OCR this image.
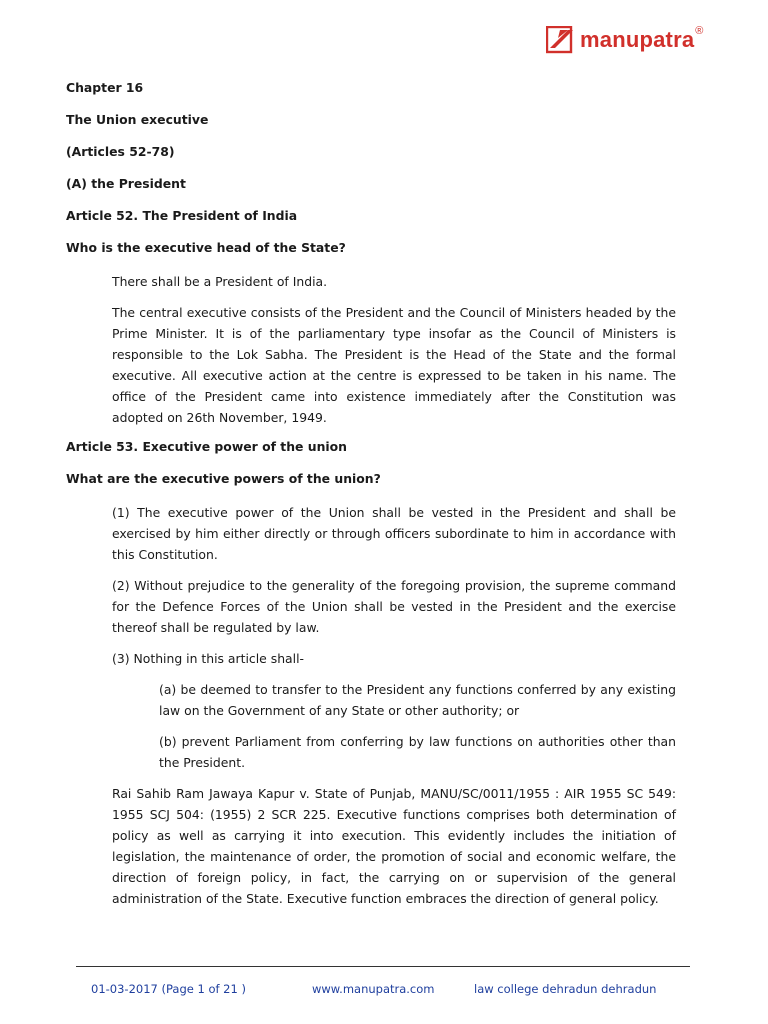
manupatra ®
Chapter 16
The Union executive
(Articles 52-78)
(A) the President
Article 52. The President of India
Who is the executive head of the State?
There shall be a President of India.
The central executive consists of the President and the Council of Ministers headed by the Prime Minister. It is of the parliamentary type insofar as the Council of Ministers is responsible to the Lok Sabha. The President is the Head of the State and the formal executive. All executive action at the centre is expressed to be taken in his name. The office of the President came into existence immediately after the Constitution was adopted on 26th November, 1949.
Article 53. Executive power of the union
What are the executive powers of the union?
(1) The executive power of the Union shall be vested in the President and shall be exercised by him either directly or through officers subordinate to him in accordance with this Constitution.
(2) Without prejudice to the generality of the foregoing provision, the supreme command for the Defence Forces of the Union shall be vested in the President and the exercise thereof shall be regulated by law.
(3) Nothing in this article shall-
(a) be deemed to transfer to the President any functions conferred by any existing law on the Government of any State or other authority; or
(b) prevent Parliament from conferring by law functions on authorities other than the President.
Rai Sahib Ram Jawaya Kapur v. State of Punjab, MANU/SC/0011/1955 : AIR 1955 SC 549: 1955 SCJ 504: (1955) 2 SCR 225. Executive functions comprises both determination of policy as well as carrying it into execution. This evidently includes the initiation of legislation, the maintenance of order, the promotion of social and economic welfare, the direction of foreign policy, in fact, the carrying on or supervision of the general administration of the State. Executive function embraces the direction of general policy.
01-03-2017 (Page 1 of 21 )	www.manupatra.com	law college dehradun dehradun
